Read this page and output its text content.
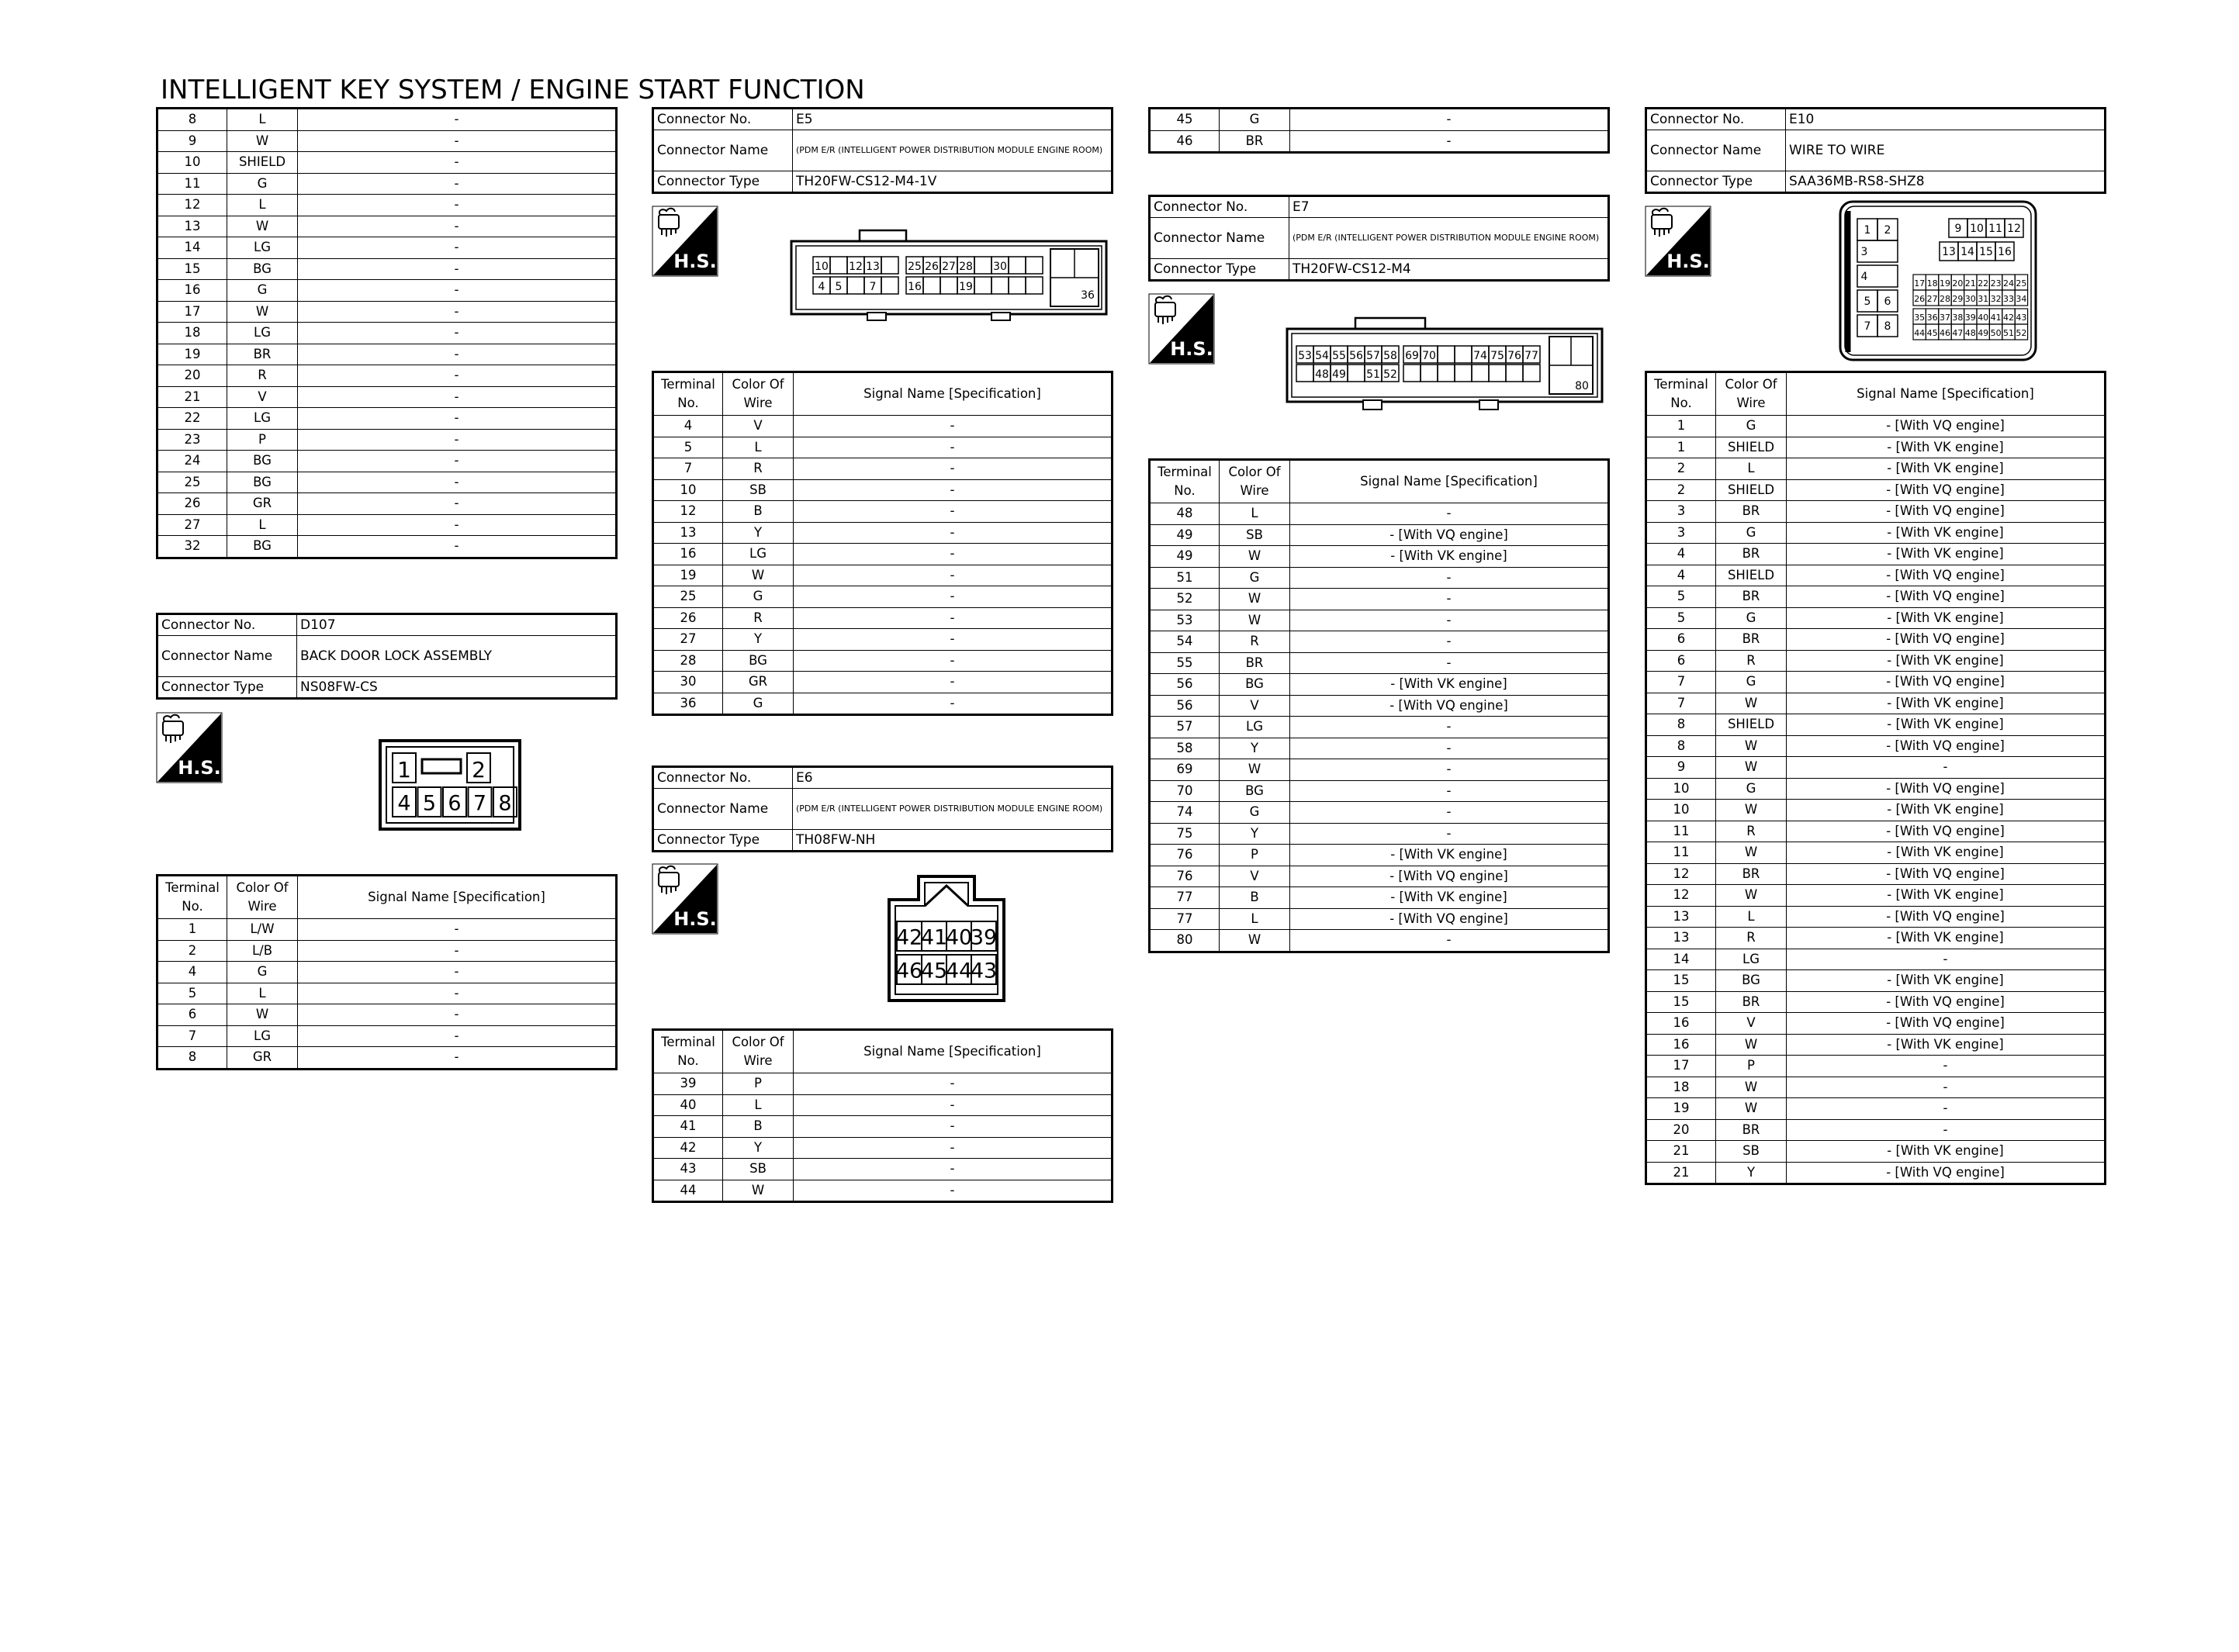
INTELLIGENT KEY SYSTEM / ENGINE START FUNCTION
8	L	-
9	W	-
10	SHIELD	-
11	G	-
12	L	-
13	W	-
14	LG	-
15	BG	-
16	G	-
17	W	-
18	LG	-
19	BR	-
20	R	-
21	V	-
22	LG	-
23	P	-
24	BG	-
25	BG	-
26	GR	-
27	L	-
32	BG	-
Connector No.	D107
Connector Name	BACK DOOR LOCK ASSEMBLY
Connector Type	NS08FW-CS
H.S.	1	2
4 5 6 7 8
Terminal No.	Color Of Wire	Signal Name [Specification]
1	L/W	-
2	L/B	-
4	G	-
5	L	-
6	W	-
7	LG	-
8	GR	-
Connector No.	E5
Connector Name	(PDM E/R (INTELLIGENT POWER DISTRIBUTION MODULE ENGINE ROOM)
Connector Type	TH20FW-CS12-M4-1V
H.S.	10 12 13	25 26 27 28 30
4 5	7	16	19
36
Terminal No.	Color Of Wire	Signal Name [Specification]
4	V	-
5	L	-
7	R	-
10	SB	-
12	B	-
13	Y	-
16	LG	-
19	W	-
25	G	-
26	R	-
27	Y	-
28	BG	-
30	GR	-
36	G	-
Connector No.	E6
Connector Name	(PDM E/R (INTELLIGENT POWER DISTRIBUTION MODULE ENGINE ROOM)
Connector Type	TH08FW-NH
H.S.
42
41
40
39
46
45
44
43
Terminal No.	Color Of Wire	Signal Name [Specification]
39	P	-
40	L	-
41	B	-
42	Y	-
43	SB	-
44	W	-
45	G	-
46	BR	-
Connector No.	E7
Connector Name	(PDM E/R (INTELLIGENT POWER DISTRIBUTION MODULE ENGINE ROOM)
Connector Type	TH20FW-CS12-M4
H.S.	53 54 55 56 57 58 69 70	74 75 76 77
48 49 51 52
80
Terminal No.	Color Of Wire	Signal Name [Specification]
48	L	-
49	SB	- [With VQ engine]
49	W	- [With VK engine]
51	G	-
52	W	-
53	W	-
54	R	-
55	BR	-
56	BG	- [With VK engine]
56	V	- [With VQ engine]
57	LG	-
58	Y	-
69	W	-
70	BG	-
74	G	-
75	Y	-
76	P	- [With VK engine]
76	V	- [With VQ engine]
77	B	- [With VK engine]
77	L	- [With VQ engine]
80	W	-
Connector No.	E10
Connector Name	WIRE TO WIRE
Connector Type	SAA36MB-RS8-SHZ8
H.S.
1 2	9 10 11 12
3	13 14 15 16
4
5 6
7 8
17 18 19 20 21 22 23 24 25
26 27 28 29 30 31 32 33 34
35 36 37 38 39 40 41 42 43
44 45 46 47 48 49 50 51 52
Terminal No.	Color Of Wire	Signal Name [Specification]
1	G	- [With VQ engine]
1	SHIELD	- [With VK engine]
2	L	- [With VK engine]
2	SHIELD	- [With VQ engine]
3	BR	- [With VQ engine]
3	G	- [With VK engine]
4	BR	- [With VK engine]
4	SHIELD	- [With VQ engine]
5	BR	- [With VQ engine]
5	G	- [With VK engine]
6	BR	- [With VQ engine]
6	R	- [With VK engine]
7	G	- [With VQ engine]
7	W	- [With VK engine]
8	SHIELD	- [With VK engine]
8	W	- [With VQ engine]
9	W	-
10	G	- [With VQ engine]
10	W	- [With VK engine]
11	R	- [With VQ engine]
11	W	- [With VK engine]
12	BR	- [With VQ engine]
12	W	- [With VK engine]
13	L	- [With VQ engine]
13	R	- [With VK engine]
14	LG	-
15	BG	- [With VK engine]
15	BR	- [With VQ engine]
16	V	- [With VQ engine]
16	W	- [With VK engine]
17	P	-
18	W	-
19	W	-
20	BR	-
21	SB	- [With VK engine]
21	Y	- [With VQ engine]
